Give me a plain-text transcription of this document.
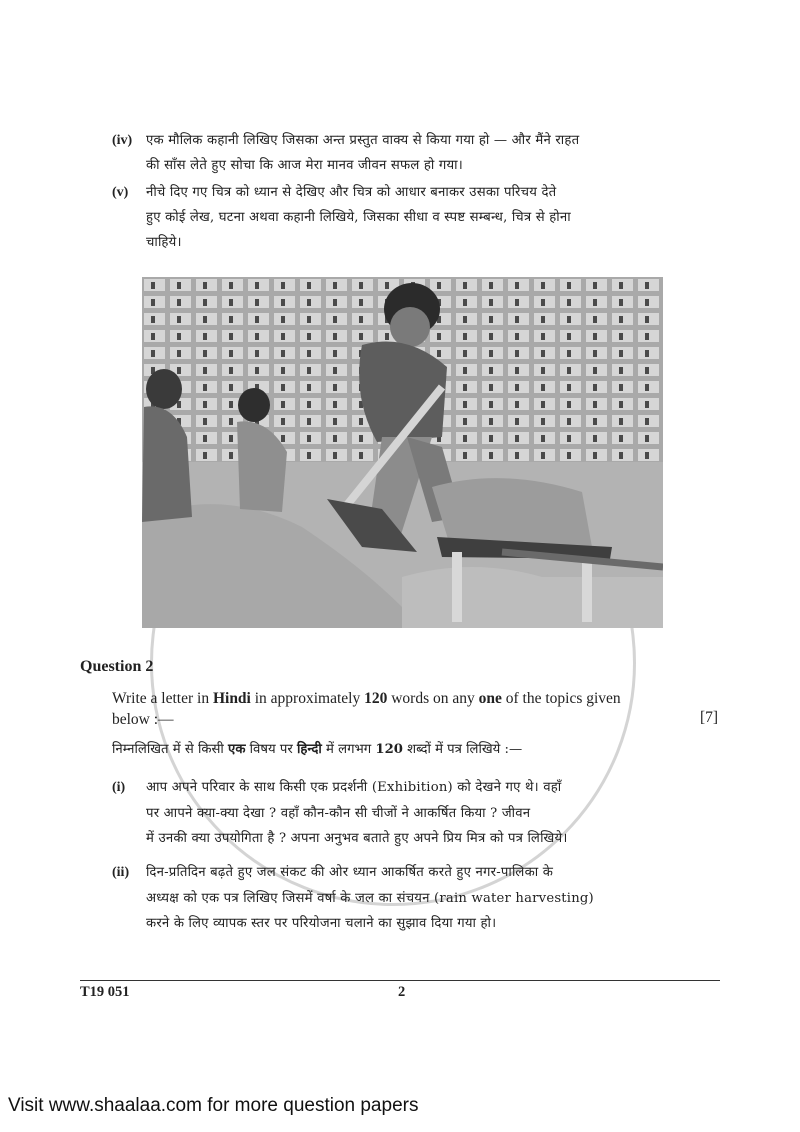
(iv) एक मौलिक कहानी लिखिए जिसका अन्त प्रस्तुत वाक्य से किया गया हो — और मैंने राहत
की साँस लेते हुए सोचा कि आज मेरा मानव जीवन सफल हो गया।
(v) नीचे दिए गए चित्र को ध्यान से देखिए और चित्र को आधार बनाकर उसका परिचय देते
हुए कोई लेख, घटना अथवा कहानी लिखिये, जिसका सीधा व स्पष्ट सम्बन्ध, चित्र से होना
चाहिये।
Question 2
Write a letter in Hindi in approximately 120 words on any one of the topics given
below :—	[7]
निम्नलिखित में से किसी एक विषय पर हिन्दी में लगभग 120 शब्दों में पत्र लिखिये :—
(i) आप अपने परिवार के साथ किसी एक प्रदर्शनी (Exhibition) को देखने गए थे। वहाँ
पर आपने क्या-क्या देखा ? वहाँ कौन-कौन सी चीजों ने आकर्षित किया ? जीवन
में उनकी क्या उपयोगिता है ? अपना अनुभव बताते हुए अपने प्रिय मित्र को पत्र लिखिये।
(ii) दिन-प्रतिदिन बढ़ते हुए जल संकट की ओर ध्यान आकर्षित करते हुए नगर-पालिका के
अध्यक्ष को एक पत्र लिखिए जिसमें वर्षा के जल का संचयन (rain water harvesting)
करने के लिए व्यापक स्तर पर परियोजना चलाने का सुझाव दिया गया हो।
T19 051	2
Visit www.shaalaa.com for more question papers
